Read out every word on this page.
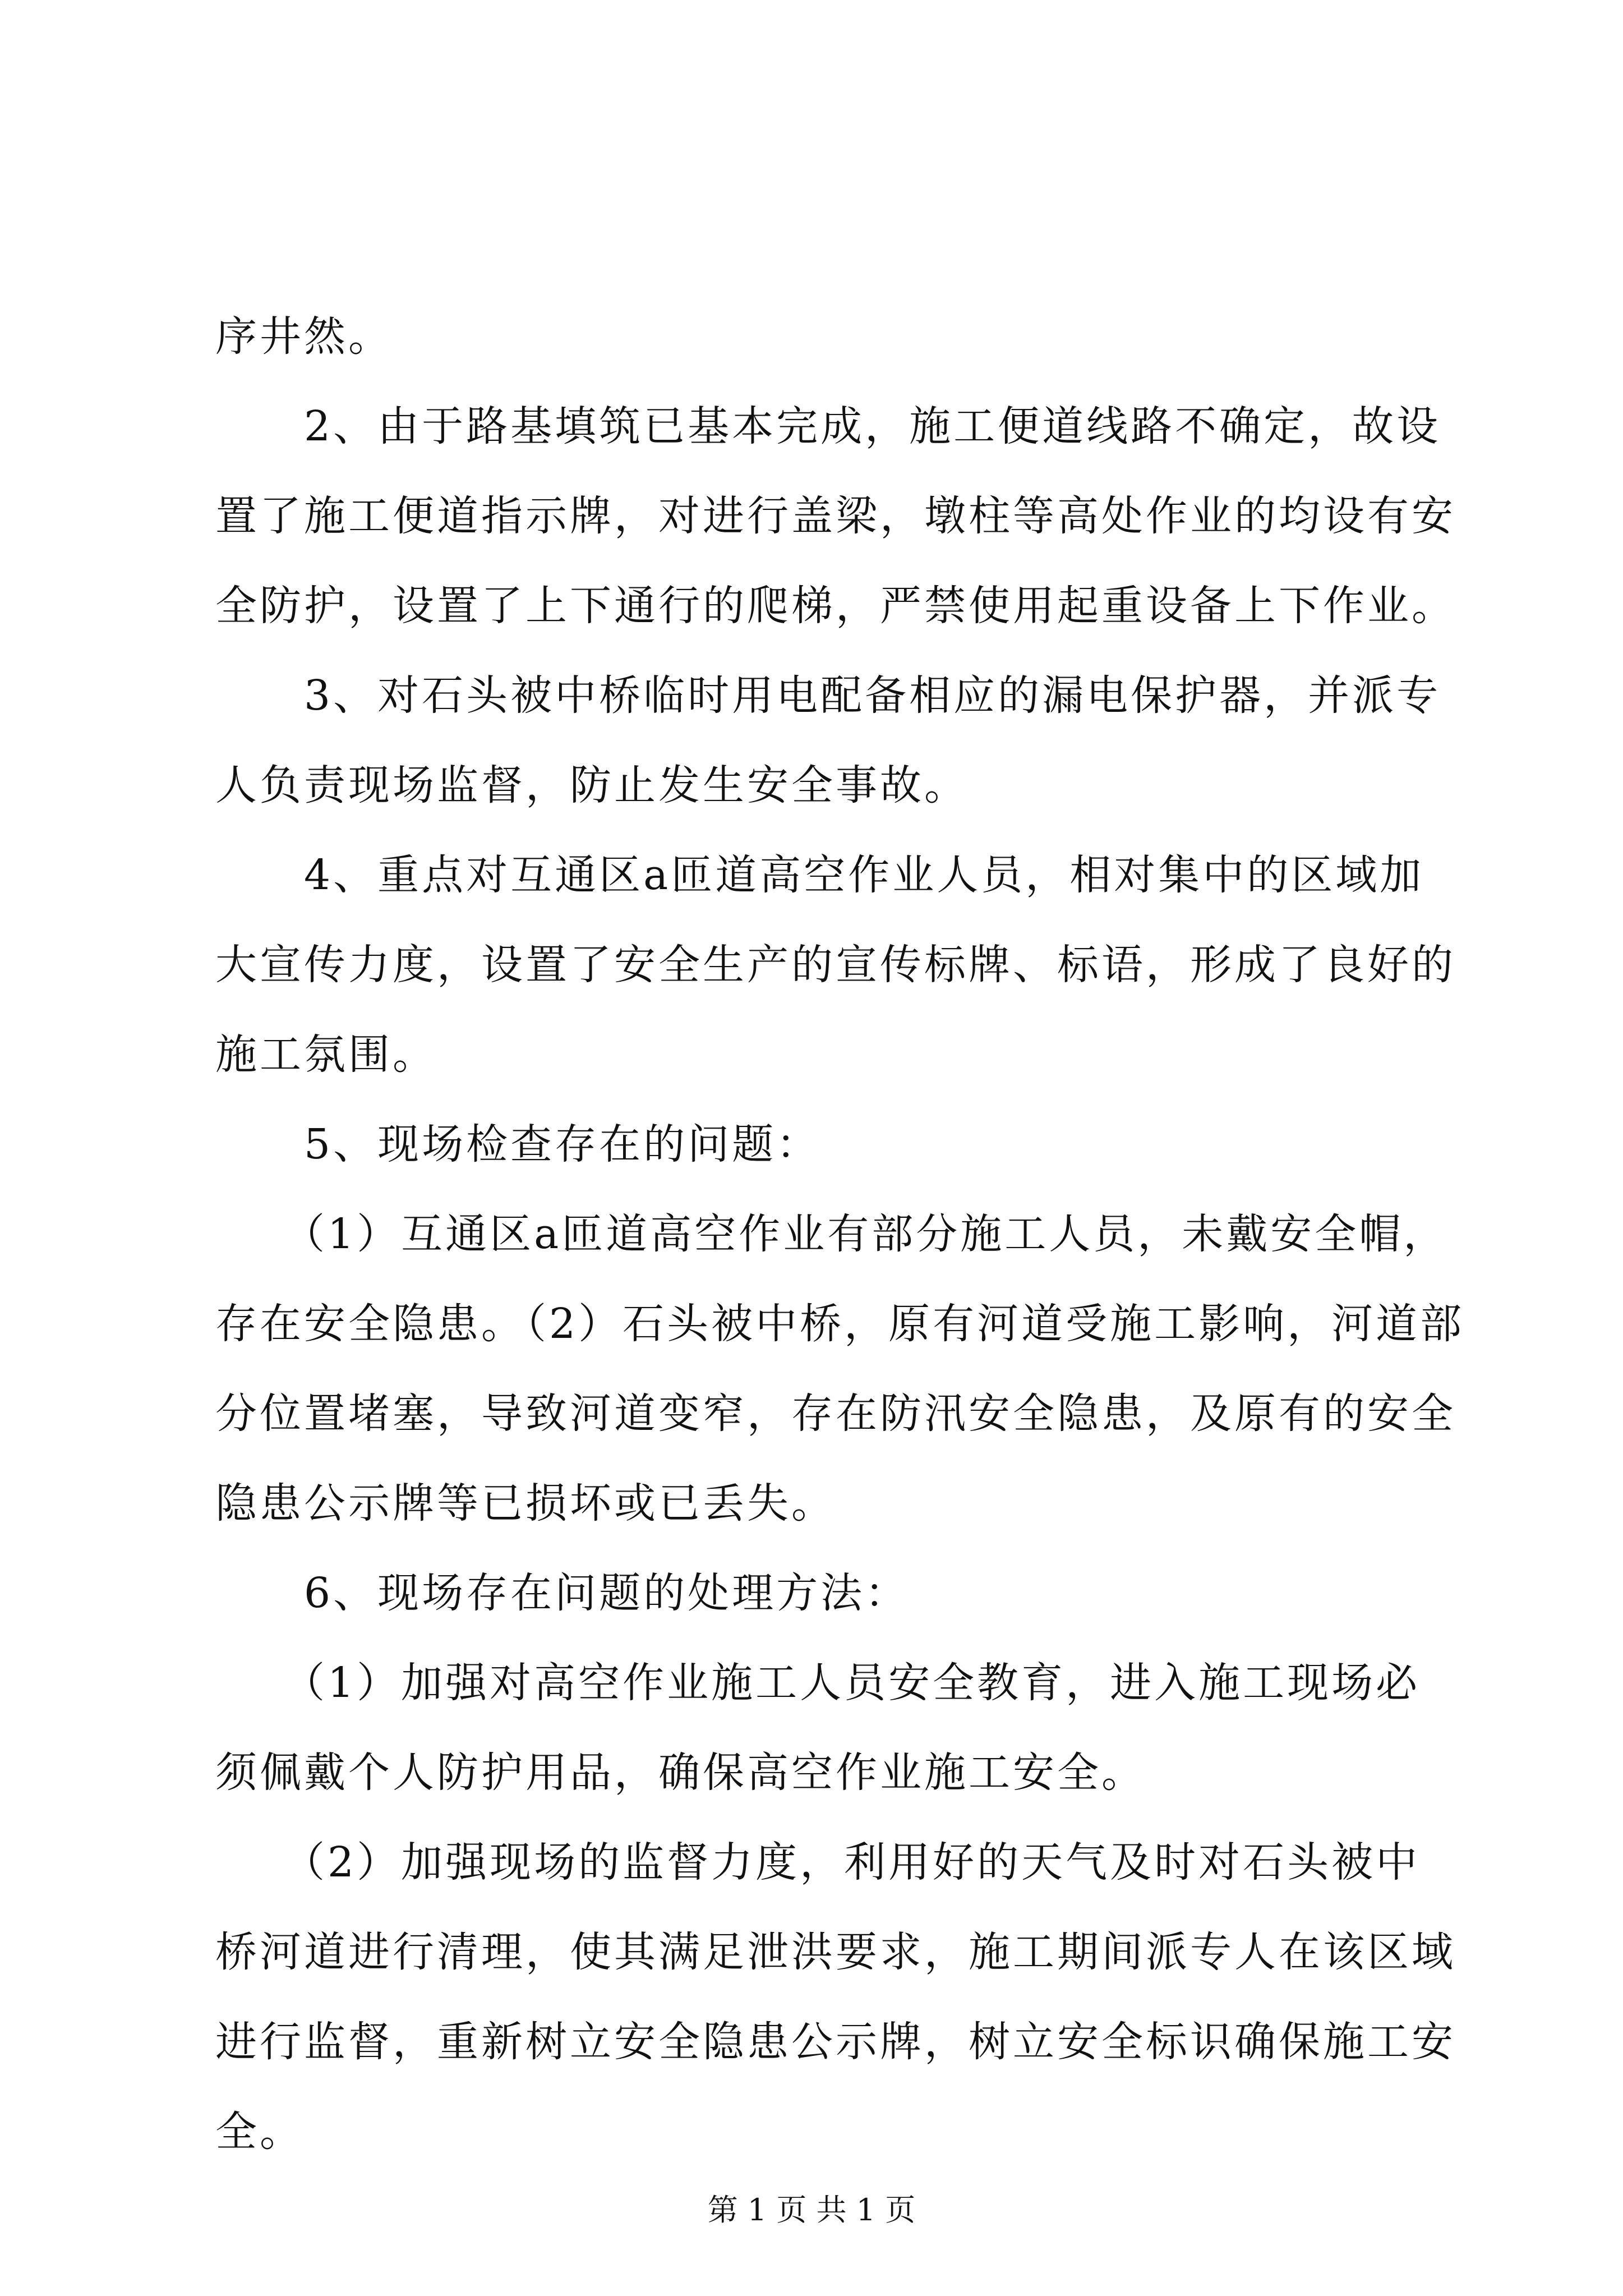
序井然。
　　2、由于路基填筑已基本完成，施工便道线路不确定，故设
置了施工便道指示牌，对进行盖梁，墩柱等高处作业的均设有安
全防护，设置了上下通行的爬梯，严禁使用起重设备上下作业。
　　3、对石头被中桥临时用电配备相应的漏电保护器，并派专
人负责现场监督，防止发生安全事故。
　　4、重点对互通区a匝道高空作业人员，相对集中的区域加
大宣传力度，设置了安全生产的宣传标牌、标语，形成了良好的
施工氛围。
　　5、现场检查存在的问题：
　　（1）互通区a匝道高空作业有部分施工人员，未戴安全帽，
存在安全隐患。（2）石头被中桥，原有河道受施工影响，河道部
分位置堵塞，导致河道变窄，存在防汛安全隐患，及原有的安全
隐患公示牌等已损坏或已丢失。
　　6、现场存在问题的处理方法：
　　（1）加强对高空作业施工人员安全教育，进入施工现场必
须佩戴个人防护用品，确保高空作业施工安全。
　　（2）加强现场的监督力度，利用好的天气及时对石头被中
桥河道进行清理，使其满足泄洪要求，施工期间派专人在该区域
进行监督，重新树立安全隐患公示牌，树立安全标识确保施工安
全。
第 1 页 共 1 页
